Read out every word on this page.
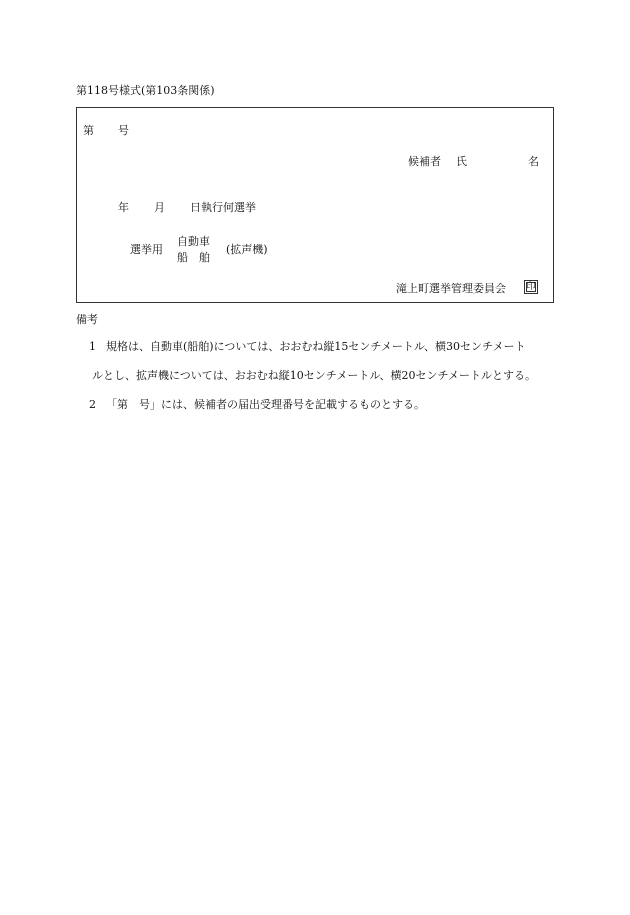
第118号様式(第103条関係)
第 号
候補者 氏	名
年 月 日執行何選挙
選挙用
自動車
船　舶
(拡声機)
滝上町選挙管理委員会 印
備考
1 規格は、自動車(船舶)については、おおむね縦15センチメートル、横30センチメート
ルとし、拡声機については、おおむね縦10センチメートル、横20センチメートルとする。
2 「第　号」には、候補者の届出受理番号を記載するものとする。
